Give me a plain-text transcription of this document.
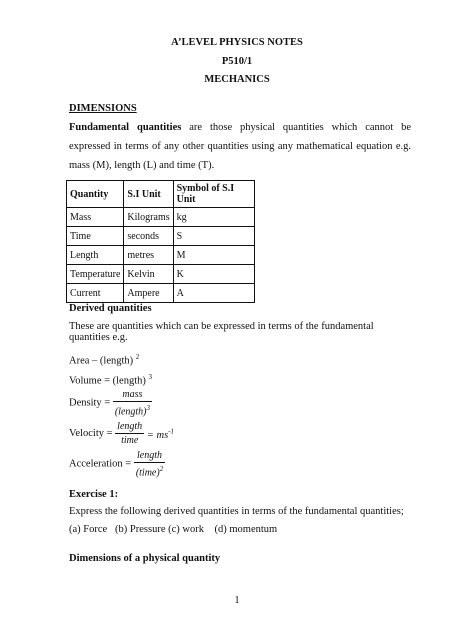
A’LEVEL PHYSICS NOTES
P510/1
MECHANICS
DIMENSIONS
Fundamental quantities are those physical quantities which cannot be expressed in terms of any other quantities using any mathematical equation e.g. mass (M), length (L) and time (T).
Quantity	S.I Unit	Symbol of S.I Unit
Mass	Kilograms	kg
Time	seconds	S
Length	metres	M
Temperature	Kelvin	K
Current	Ampere	A
Derived quantities
These are quantities which can be expressed in terms of the fundamental quantities e.g.
Area – (length) $^2$
Volume = (length) $^3$
Density = $\frac{\text{mass}}{(length)^3}$
Velocity = $\frac{\text{length}}{\text{time}} = ms^{-1}$
Acceleration = $\frac{\text{length}}{(time)^2}$
Exercise 1:
Express the following derived quantities in terms of the fundamental quantities;
(a) Force   (b) Pressure (c) work    (d) momentum
Dimensions of a physical quantity
1
